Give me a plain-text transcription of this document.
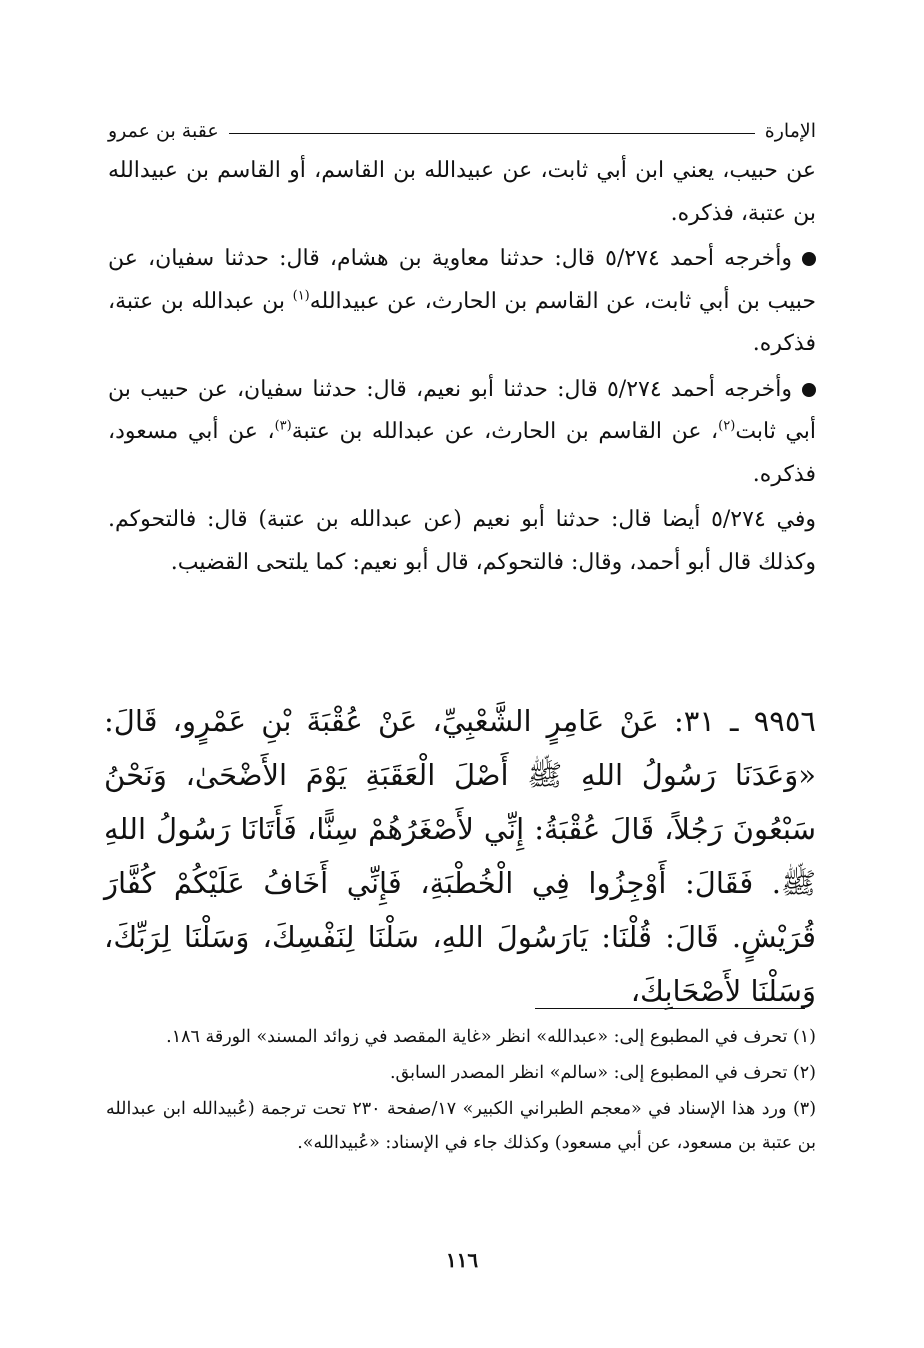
الإمارة
عقبة بن عمرو

عن حبيب، يعني ابن أبي ثابت، عن عبيدالله بن القاسم، أو القاسم بن عبيدالله بن عتبة، فذكره.

وأخرجه أحمد ٥/٢٧٤ قال: حدثنا معاوية بن هشام، قال: حدثنا سفيان، عن حبيب بن أبي ثابت، عن القاسم بن الحارث، عن عبيدالله$^{(١)}$ بن عبدالله بن عتبة، فذكره.

وأخرجه أحمد ٥/٢٧٤ قال: حدثنا أبو نعيم، قال: حدثنا سفيان، عن حبيب بن أبي ثابت$^{(٢)}$، عن القاسم بن الحارث، عن عبدالله بن عتبة$^{(٣)}$، عن أبي مسعود، فذكره.

وفي ٥/٢٧٤ أيضا قال: حدثنا أبو نعيم (عن عبدالله بن عتبة) قال: فالتحوكم. وكذلك قال أبو أحمد، وقال: فالتحوكم، قال أبو نعيم: كما يلتحى القضيب.

٩٩٥٦ ـ ٣١: عَنْ عَامِرٍ الشَّعْبِيِّ، عَنْ عُقْبَةَ بْنِ عَمْرٍو، قَالَ: «وَعَدَنَا رَسُولُ اللهِ ﷺ أَصْلَ الْعَقَبَةِ يَوْمَ الأَضْحَىٰ، وَنَحْنُ سَبْعُونَ رَجُلاً، قَالَ عُقْبَةُ: إِنِّي لأَصْغَرُهُمْ سِنًّا، فَأَتَانَا رَسُولُ اللهِ ﷺ. فَقَالَ: أَوْجِزُوا فِي الْخُطْبَةِ، فَإِنِّي أَخَافُ عَلَيْكُمْ كُفَّارَ قُرَيْشٍ. قَالَ: قُلْنَا: يَارَسُولَ اللهِ، سَلْنَا لِنَفْسِكَ، وَسَلْنَا لِرَبِّكَ، وَسَلْنَا لأَصْحَابِكَ،

(١) تحرف في المطبوع إلى: «عبدالله» انظر «غاية المقصد في زوائد المسند» الورقة ١٨٦.

(٢) تحرف في المطبوع إلى: «سالم» انظر المصدر السابق.

(٣) ورد هذا الإسناد في «معجم الطبراني الكبير» ١٧/صفحة ٢٣٠ تحت ترجمة (عُبيدالله ابن عبدالله بن عتبة بن مسعود، عن أبي مسعود) وكذلك جاء في الإسناد: «عُبيدالله».

١١٦
